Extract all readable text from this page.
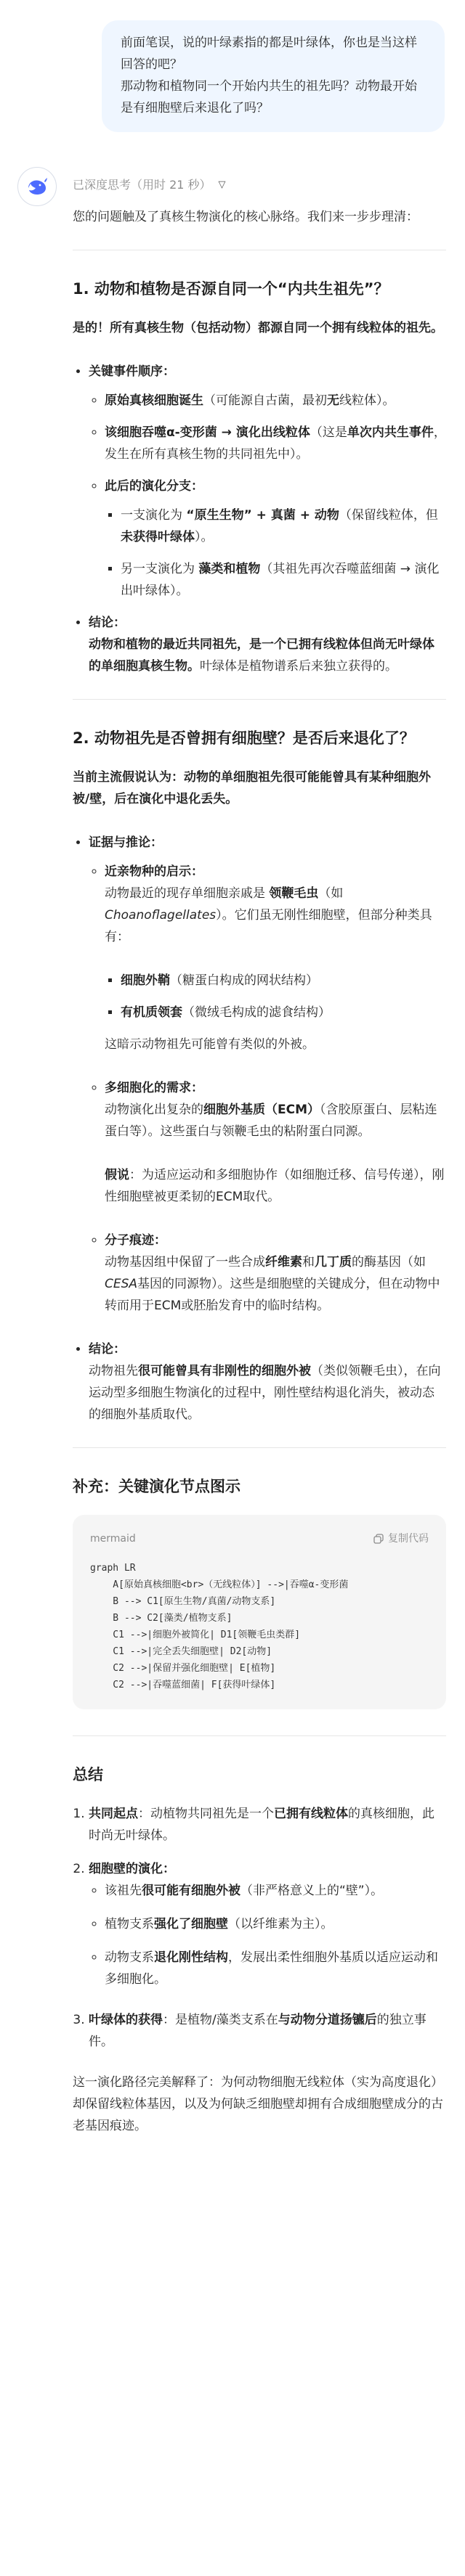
前面笔误，说的叶绿素指的都是叶绿体，你也是当这样回答的吧？

那动物和植物同一个开始内共生的祖先吗？动物最开始是有细胞壁后来退化了吗？

已深度思考（用时 21 秒） ▽

您的问题触及了真核生物演化的核心脉络。我们来一步步理清：

1. 动物和植物是否源自同一个“内共生祖先”？

是的！所有真核生物（包括动物）都源自同一个拥有线粒体的祖先。

• 关键事件顺序：
◦ 原始真核细胞诞生（可能源自古菌，最初无线粒体）。
◦ 该细胞吞噬α-变形菌 → 演化出线粒体（这是单次内共生事件，发生在所有真核生物的共同祖先中）。
◦ 此后的演化分支：
▪ 一支演化为 “原生生物” + 真菌 + 动物（保留线粒体，但未获得叶绿体）。
▪ 另一支演化为 藻类和植物（其祖先再次吞噬蓝细菌 → 演化出叶绿体）。
• 结论：

动物和植物的最近共同祖先，是一个已拥有线粒体但尚无叶绿体的单细胞真核生物。叶绿体是植物谱系后来独立获得的。

2. 动物祖先是否曾拥有细胞壁？是否后来退化了？

当前主流假说认为：动物的单细胞祖先很可能能曾具有某种细胞外被/壁，后在演化中退化丢失。

• 证据与推论：
◦ 近亲物种的启示：

动物最近的现存单细胞亲戚是 领鞭毛虫（如 Choanoflagellates）。它们虽无刚性细胞壁，但部分种类具有：

▪ 细胞外鞘（糖蛋白构成的网状结构）
▪ 有机质领套（微绒毛构成的滤食结构）

这暗示动物祖先可能曾有类似的外被。

◦ 多细胞化的需求：

动物演化出复杂的细胞外基质（ECM）（含胶原蛋白、层粘连蛋白等）。这些蛋白与领鞭毛虫的粘附蛋白同源。

假说：为适应运动和多细胞协作（如细胞迁移、信号传递），刚性细胞壁被更柔韧的ECM取代。

◦ 分子痕迹：

动物基因组中保留了一些合成纤维素和几丁质的酶基因（如CESA基因的同源物）。这些是细胞壁的关键成分，但在动物中转而用于ECM或胚胎发育中的临时结构。

• 结论：

动物祖先很可能曾具有非刚性的细胞外被（类似领鞭毛虫），在向运动型多细胞生物演化的过程中，刚性壁结构退化消失，被动态的细胞外基质取代。

补充：关键演化节点图示
mermaid	复制代码
graph LR
A[原始真核细胞<br>（无线粒体）] -->|吞噬α-变形菌
B --> C1[原生生物/真菌/动物支系]
B --> C2[藻类/植物支系]
C1 -->|细胞外被简化| D1[领鞭毛虫类群]
C1 -->|完全丢失细胞壁| D2[动物]
C2 -->|保留并强化细胞壁| E[植物]
C2 -->|吞噬蓝细菌| F[获得叶绿体]
总结
1. 共同起点：动植物共同祖先是一个已拥有线粒体的真核细胞，此时尚无叶绿体。
2. 细胞壁的演化：
◦ 该祖先很可能有细胞外被（非严格意义上的“壁”）。
◦ 植物支系强化了细胞壁（以纤维素为主）。
◦ 动物支系退化刚性结构，发展出柔性细胞外基质以适应运动和多细胞化。
3. 叶绿体的获得：是植物/藻类支系在与动物分道扬镳后的独立事件。

这一演化路径完美解释了：为何动物细胞无线粒体（实为高度退化）却保留线粒体基因，以及为何缺乏细胞壁却拥有合成细胞壁成分的古老基因痕迹。
